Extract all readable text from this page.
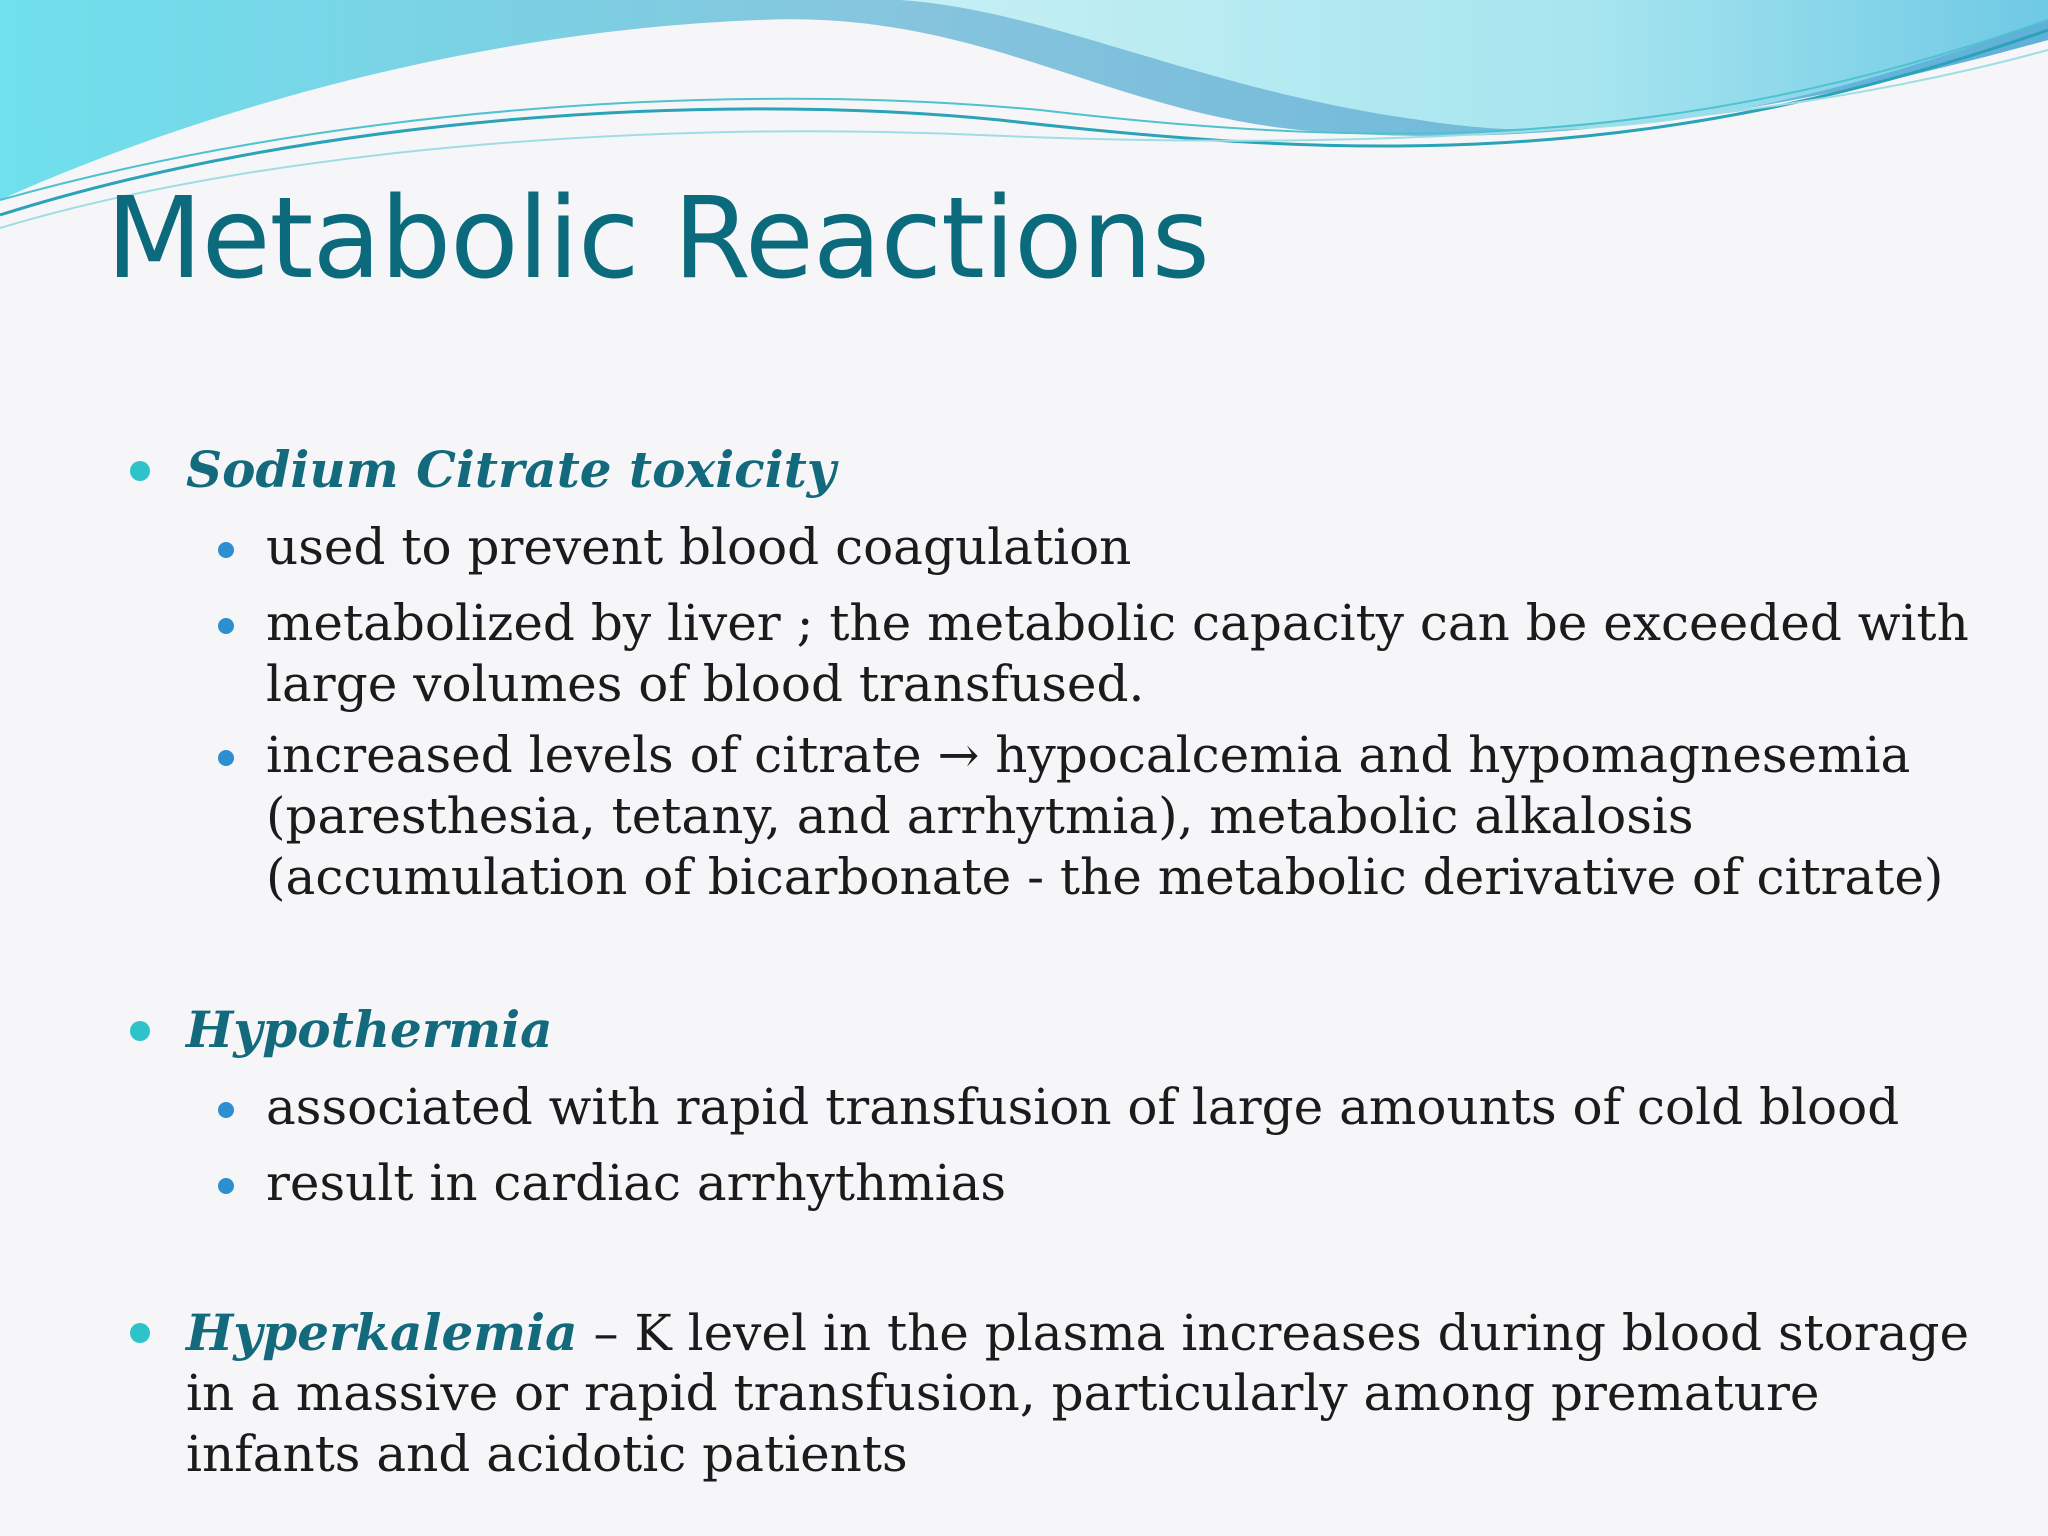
Metabolic Reactions
Sodium Citrate toxicity
used to prevent blood coagulation
metabolized by liver ; the metabolic capacity can be exceeded with
large volumes of blood transfused.
increased levels of citrate → hypocalcemia and hypomagnesemia
(paresthesia, tetany, and arrhytmia), metabolic alkalosis
(accumulation of bicarbonate - the metabolic derivative of citrate)
Hypothermia
associated with rapid transfusion of large amounts of cold blood
result in cardiac arrhythmias
Hyperkalemia – K level in the plasma increases during blood storage
in a massive or rapid transfusion, particularly among premature
infants and acidotic patients
